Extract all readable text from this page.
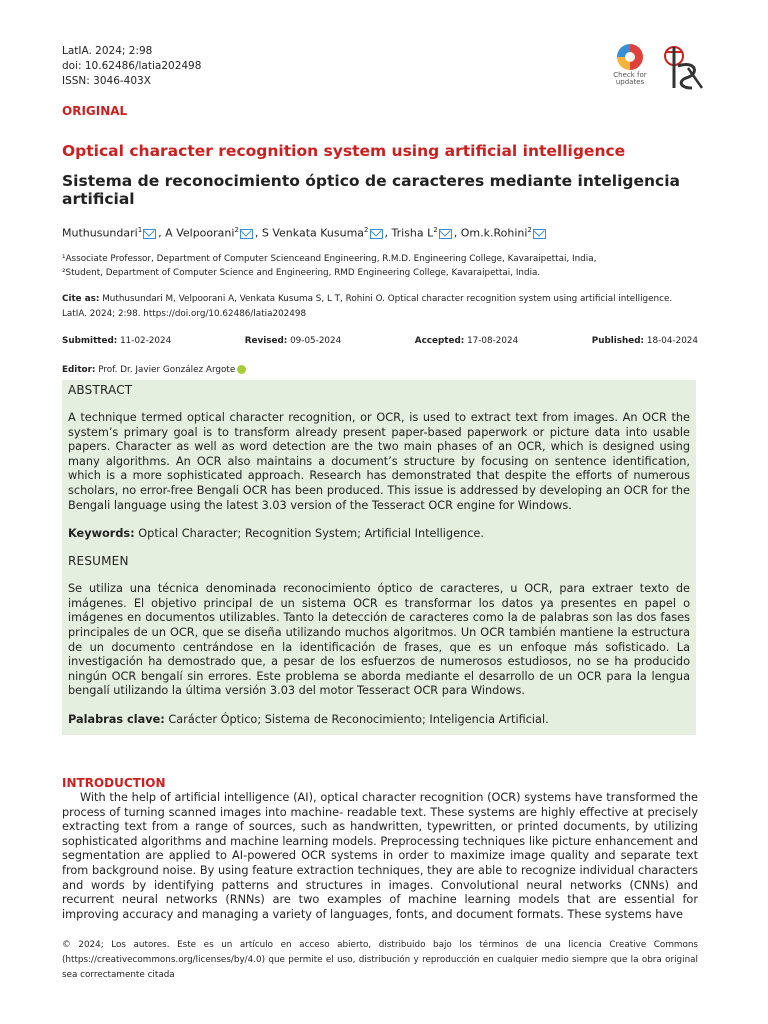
Check for updates
LatIA. 2024; 2:98
doi: 10.62486/latia202498
ISSN: 3046-403X
ORIGINAL
Optical character recognition system using artificial intelligence
Sistema de reconocimiento óptico de caracteres mediante inteligencia artificial
Muthusundari$^1$ , A Velpoorani$^2$ , S Venkata Kusuma$^2$ , Trisha $L^2$ , Om.k.Rohini$^2$
¹Associate Professor, Department of Computer Scienceand Engineering, R.M.D. Engineering College, Kavaraipettai, India,
²Student, Department of Computer Science and Engineering, RMD Engineering College, Kavaraipettai, India.
Cite as: Muthusundari M, Velpoorani A, Venkata Kusuma S, L T, Rohini O. Optical character recognition system using artificial intelligence.
LatIA. 2024; 2:98. https://doi.org/10.62486/latia202498
Submitted: 11-02-2024	Revised: 09-05-2024	Accepted: 17-08-2024	Published: 18-04-2024
Editor: Prof. Dr. Javier González Argote
ABSTRACT
A technique termed optical character recognition, or OCR, is used to extract text from images. An OCR the system’s primary goal is to transform already present paper-based paperwork or picture data into usable papers. Character as well as word detection are the two main phases of an OCR, which is designed using many algorithms. An OCR also maintains a document’s structure by focusing on sentence identification, which is a more sophisticated approach. Research has demonstrated that despite the efforts of numerous scholars, no error-free Bengali OCR has been produced. This issue is addressed by developing an OCR for the Bengali language using the latest 3.03 version of the Tesseract OCR engine for Windows.
Keywords: Optical Character; Recognition System; Artificial Intelligence.
RESUMEN
Se utiliza una técnica denominada reconocimiento óptico de caracteres, u OCR, para extraer texto de imágenes. El objetivo principal de un sistema OCR es transformar los datos ya presentes en papel o imágenes en documentos utilizables. Tanto la detección de caracteres como la de palabras son las dos fases principales de un OCR, que se diseña utilizando muchos algoritmos. Un OCR también mantiene la estructura de un documento centrándose en la identificación de frases, que es un enfoque más sofisticado. La investigación ha demostrado que, a pesar de los esfuerzos de numerosos estudiosos, no se ha producido ningún OCR bengalí sin errores. Este problema se aborda mediante el desarrollo de un OCR para la lengua bengalí utilizando la última versión 3.03 del motor Tesseract OCR para Windows.
Palabras clave: Carácter Óptico; Sistema de Reconocimiento; Inteligencia Artificial.
INTRODUCTION
With the help of artificial intelligence (AI), optical character recognition (OCR) systems have transformed the process of turning scanned images into machine- readable text. These systems are highly effective at precisely extracting text from a range of sources, such as handwritten, typewritten, or printed documents, by utilizing sophisticated algorithms and machine learning models. Preprocessing techniques like picture enhancement and segmentation are applied to AI-powered OCR systems in order to maximize image quality and separate text from background noise. By using feature extraction techniques, they are able to recognize individual characters and words by identifying patterns and structures in images. Convolutional neural networks (CNNs) and recurrent neural networks (RNNs) are two examples of machine learning models that are essential for improving accuracy and managing a variety of languages, fonts, and document formats. These systems have
© 2024; Los autores. Este es un artículo en acceso abierto, distribuido bajo los términos de una licencia Creative Commons (https://creativecommons.org/licenses/by/4.0) que permite el uso, distribución y reproducción en cualquier medio siempre que la obra original sea correctamente citada
